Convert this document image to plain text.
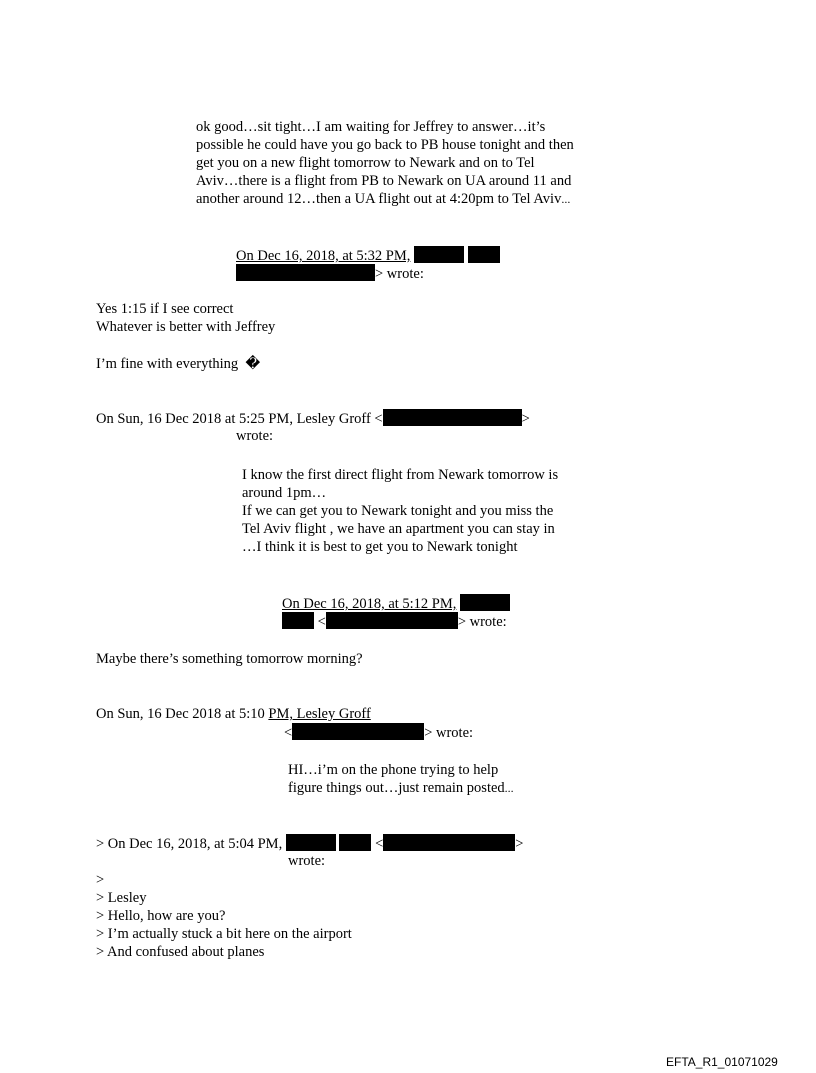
ok good…sit tight…I am waiting for Jeffrey to answer…it’s
possible he could have you go back to PB house tonight and then
get you on a new flight tomorrow to Newark and on to Tel
Aviv…there is a flight from PB to Newark on UA around 11 and
another around 12…then a UA flight out at 4:20pm to Tel Aviv...
On Dec 16, 2018, at 5:32 PM,
> wrote:
Yes 1:15 if I see correct
Whatever is better with Jeffrey
I’m fine with everything �
On Sun, 16 Dec 2018 at 5:25 PM, Lesley Groff <	>
wrote:
I know the first direct flight from Newark tomorrow is
around 1pm…
If we can get you to Newark tonight and you miss the
Tel Aviv flight , we have an apartment you can stay in
…I think it is best to get you to Newark tonight
On Dec 16, 2018, at 5:12 PM,
<	> wrote:
Maybe there’s something tomorrow morning?
On Sun, 16 Dec 2018 at 5:10 PM, Lesley Groff
<	> wrote:
HI…i’m on the phone trying to help
figure things out…just remain posted...
> On Dec 16, 2018, at 5:04 PM,	<	>
wrote:
>
> Lesley
> Hello, how are you?
> I’m actually stuck a bit here on the airport
> And confused about planes
EFTA_R1_01071029
